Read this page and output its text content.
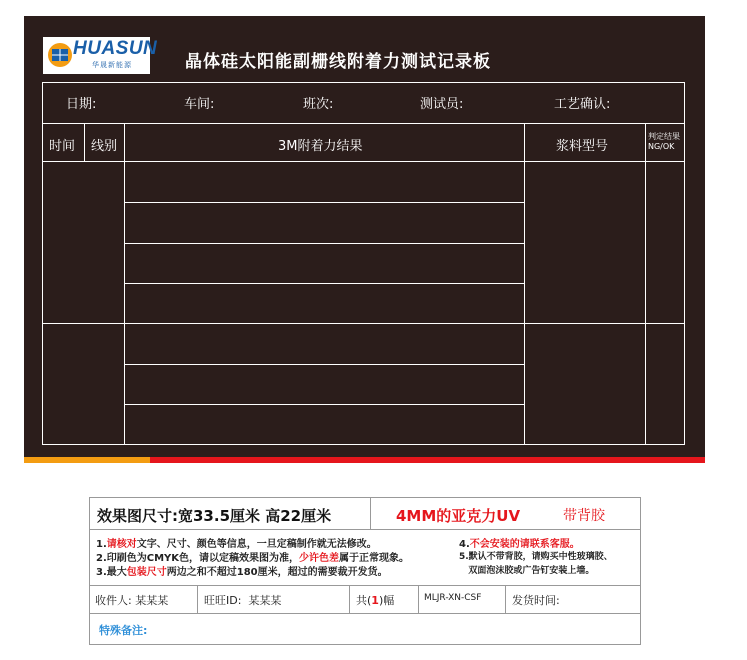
HUASUN
华晟新能源	晶体硅太阳能副栅线附着力测试记录板
日期:	车间:	班次:	测试员:	工艺确认:
时间 线别	3M附着力结果	浆料型号
判定结果
NG/OK
效果图尺寸:宽33.5厘米 高22厘米	4MM的亚克力UV	带背胶
1.请核对文字、尺寸、颜色等信息，一旦定稿制作就无法修改。
2.印刷色为CMYK色，请以定稿效果图为准，少许色差属于正常现象。
3.最大包装尺寸两边之和不超过180厘米，超过的需要裁开发货。
4.不会安装的请联系客服。
5.默认不带背胶，请购买中性玻璃胶、
双面泡沫胶或广告钉安装上墙。
收件人: 某某某	旺旺ID:  某某某	共(1)幅	MLJR-XN-CSF	发货时间:
特殊备注:
